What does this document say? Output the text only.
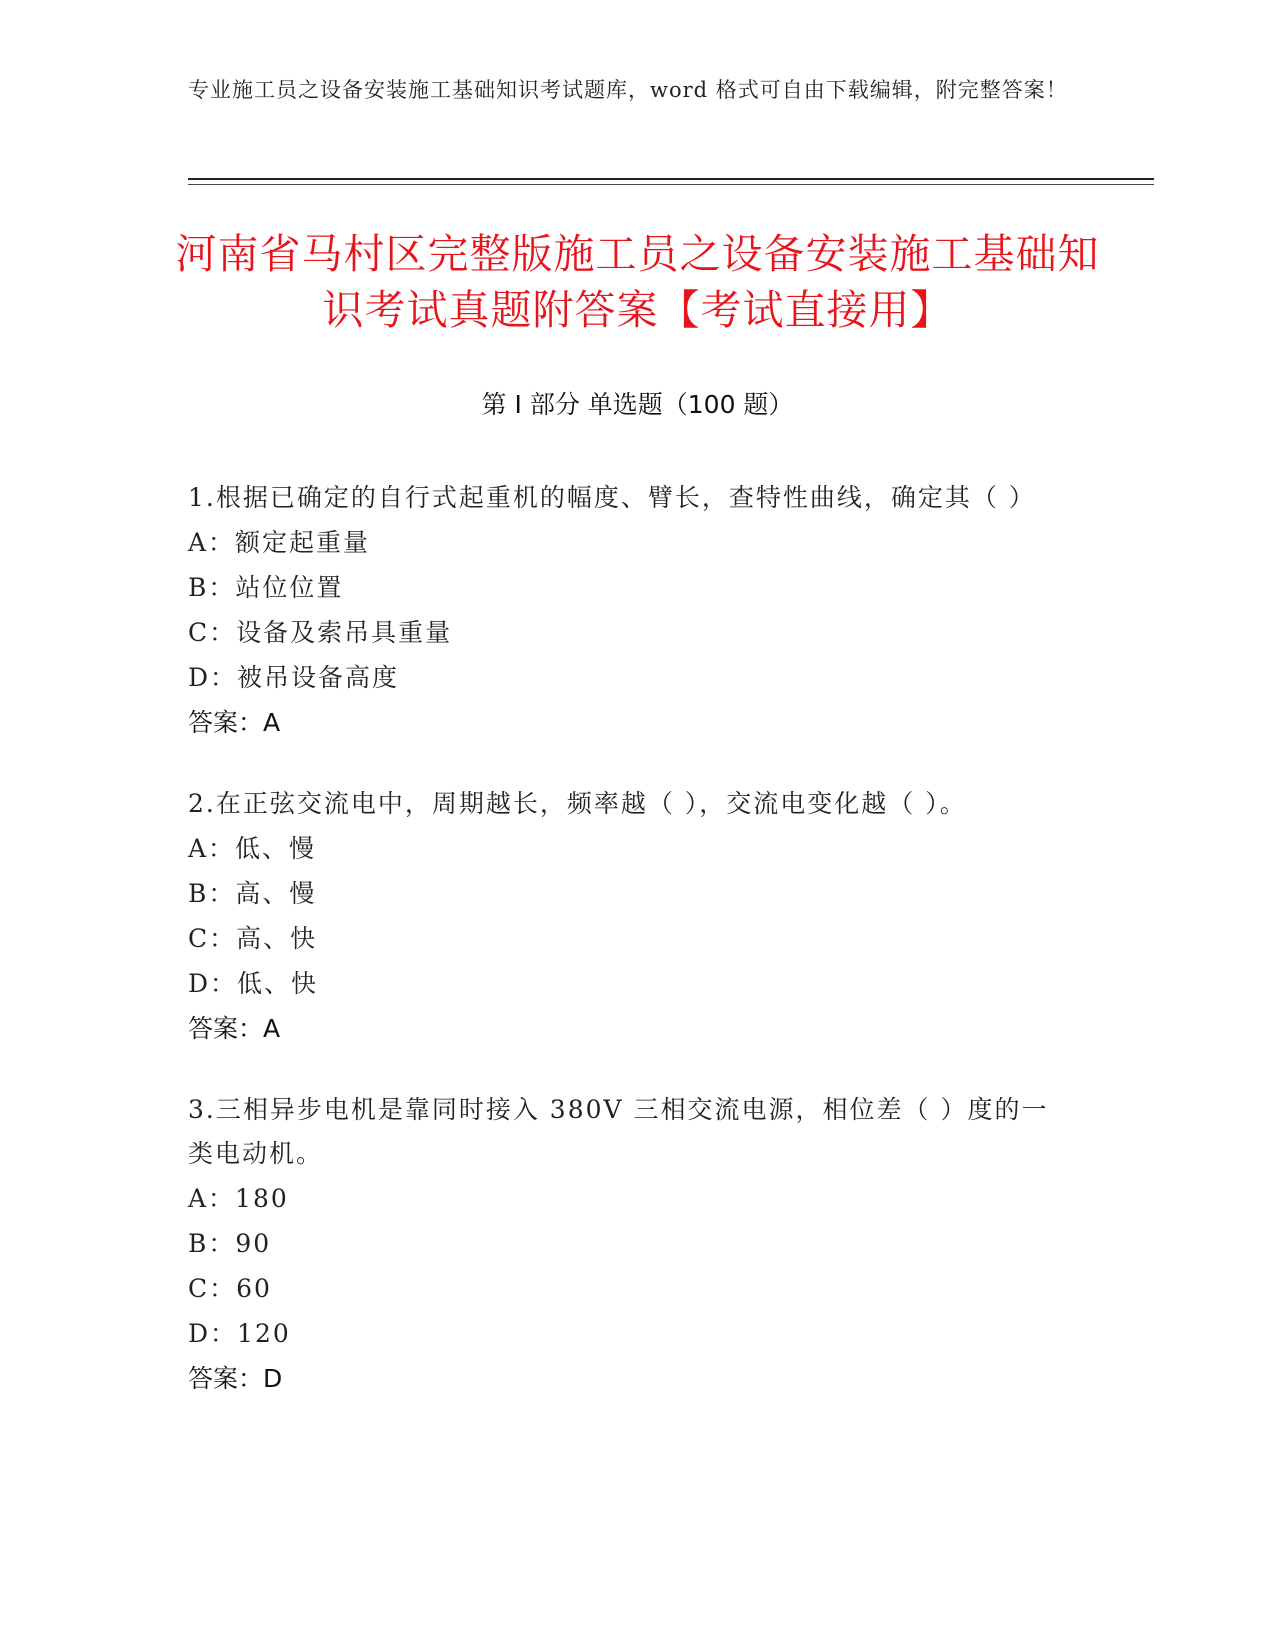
专业施工员之设备安装施工基础知识考试题库，word 格式可自由下载编辑，附完整答案！
河南省马村区完整版施工员之设备安装施工基础知识考试真题附答案【考试直接用】
第 I 部分 单选题（100 题）
1.根据已确定的自行式起重机的幅度、臂长，查特性曲线，确定其（ ）
A：额定起重量
B：站位位置
C：设备及索吊具重量
D：被吊设备高度
答案：A
2.在正弦交流电中，周期越长，频率越（ ），交流电变化越（ ）。
A：低、慢
B：高、慢
C：高、快
D：低、快
答案：A
3.三相异步电机是靠同时接入 380V 三相交流电源，相位差（ ）度的一类电动机。
A：180
B：90
C：60
D：120
答案：D
